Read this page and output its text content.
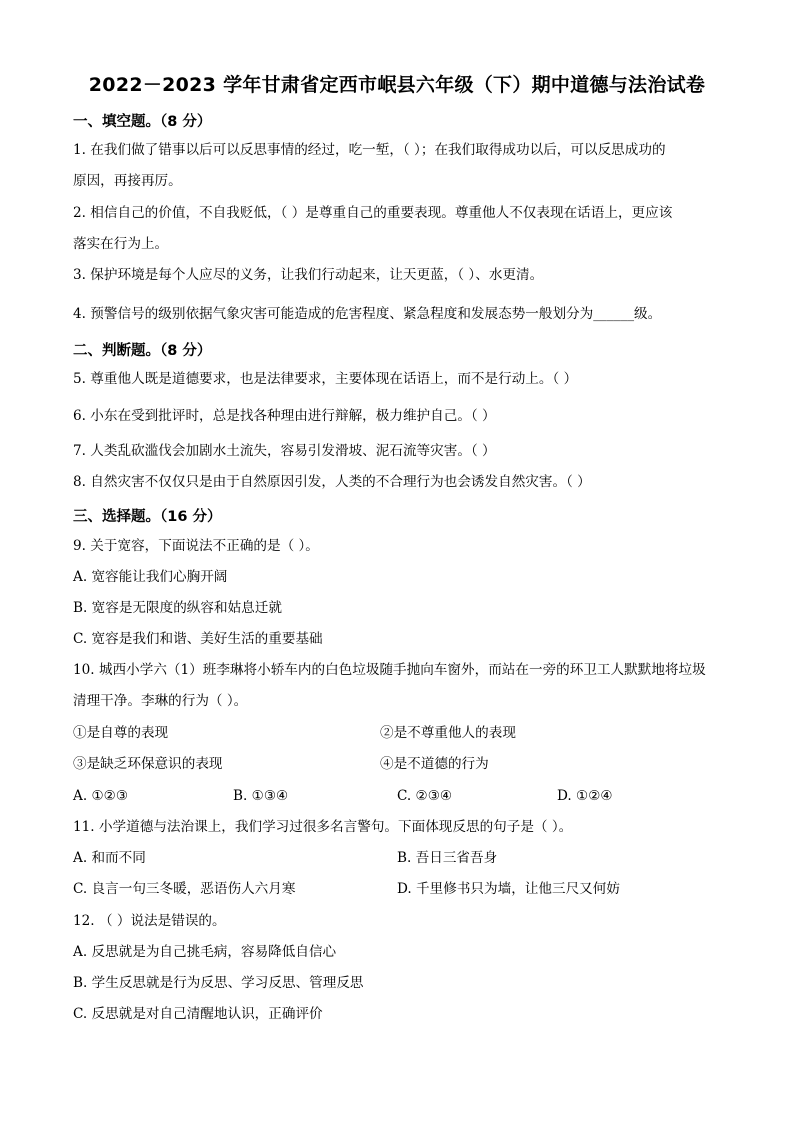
2022－2023 学年甘肃省定西市岷县六年级（下）期中道德与法治试卷
一、填空题。（8 分）
1. 在我们做了错事以后可以反思事情的经过，吃一堑，（ ）；在我们取得成功以后，可以反思成功的
原因，再接再厉。
2. 相信自己的价值，不自我贬低，（ ）是尊重自己的重要表现。尊重他人不仅表现在话语上，更应该
落实在行为上。
3. 保护环境是每个人应尽的义务，让我们行动起来，让天更蓝，（ ）、水更清。
4. 预警信号的级别依据气象灾害可能造成的危害程度、紧急程度和发展态势一般划分为______级。
二、判断题。（8 分）
5. 尊重他人既是道德要求，也是法律要求，主要体现在话语上，而不是行动上。（ ）
6. 小东在受到批评时，总是找各种理由进行辩解，极力维护自己。（ ）
7. 人类乱砍滥伐会加剧水土流失，容易引发滑坡、泥石流等灾害。（ ）
8. 自然灾害不仅仅只是由于自然原因引发，人类的不合理行为也会诱发自然灾害。（ ）
三、选择题。（16 分）
9. 关于宽容，下面说法不正确的是（ ）。
A. 宽容能让我们心胸开阔
B. 宽容是无限度的纵容和姑息迁就
C. 宽容是我们和谐、美好生活的重要基础
10. 城西小学六（1）班李琳将小轿车内的白色垃圾随手抛向车窗外，而站在一旁的环卫工人默默地将垃圾
清理干净。李琳的行为（ ）。
①是自尊的表现	②是不尊重他人的表现
③是缺乏环保意识的表现	④是不道德的行为
A. ①②③	B. ①③④	C. ②③④	D. ①②④
11. 小学道德与法治课上，我们学习过很多名言警句。下面体现反思的句子是（ ）。
A. 和而不同	B. 吾日三省吾身
C. 良言一句三冬暖，恶语伤人六月寒	D. 千里修书只为墙，让他三尺又何妨
12. （ ）说法是错误的。
A. 反思就是为自己挑毛病，容易降低自信心
B. 学生反思就是行为反思、学习反思、管理反思
C. 反思就是对自己清醒地认识，正确评价
